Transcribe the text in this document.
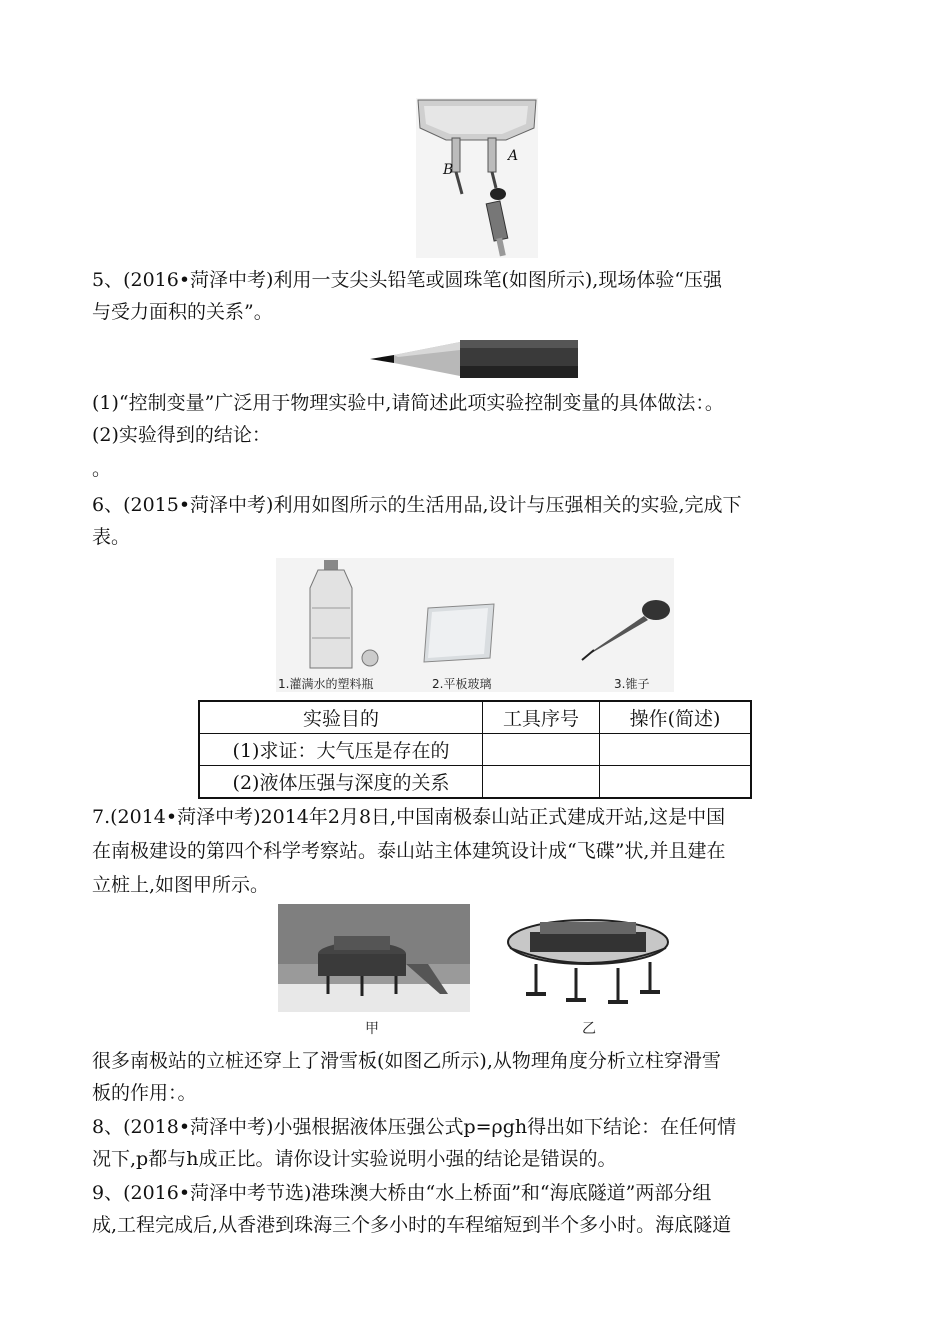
B
A
5、(2016•菏泽中考)利用一支尖头铅笔或圆珠笔(如图所示),现场体验“压强
与受力面积的关系”。
(1)“控制变量”广泛用于物理实验中,请简述此项实验控制变量的具体做法：。
(2)实验得到的结论：
。
6、(2015•菏泽中考)利用如图所示的生活用品,设计与压强相关的实验,完成下
表。
1.灌满水的塑料瓶	2.平板玻璃	3.锥子
实验目的	工具序号	操作(简述)
(1)求证：大气压是存在的		
(2)液体压强与深度的关系		
7.(2014•菏泽中考)2014年2月8日,中国南极泰山站正式建成开站,这是中国
在南极建设的第四个科学考察站。泰山站主体建筑设计成“飞碟”状,并且建在
立桩上,如图甲所示。
甲	乙
很多南极站的立桩还穿上了滑雪板(如图乙所示),从物理角度分析立柱穿滑雪
板的作用：。
8、(2018•菏泽中考)小强根据液体压强公式p=ρgh得出如下结论：在任何情
况下,p都与h成正比。请你设计实验说明小强的结论是错误的。
9、(2016•菏泽中考节选)港珠澳大桥由“水上桥面”和“海底隧道”两部分组
成,工程完成后,从香港到珠海三个多小时的车程缩短到半个多小时。海底隧道
